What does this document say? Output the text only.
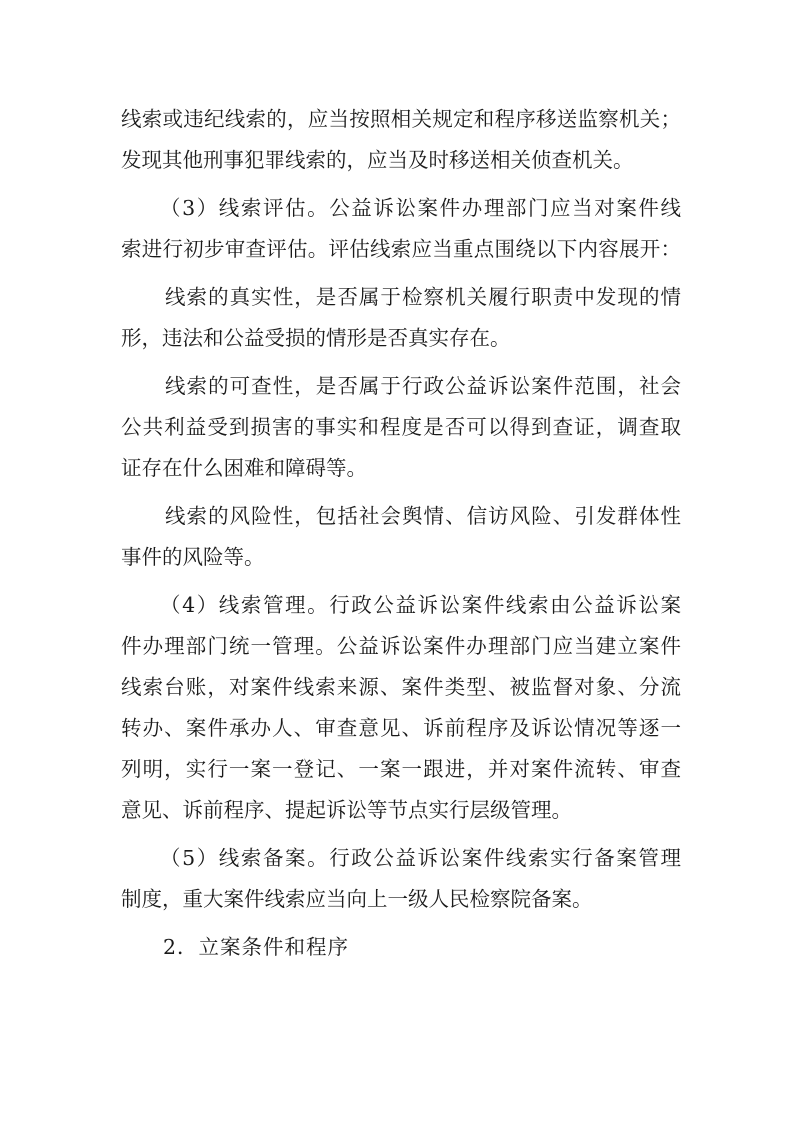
线索或违纪线索的，应当按照相关规定和程序移送监察机关；
发现其他刑事犯罪线索的，应当及时移送相关侦查机关。
（3）线索评估。公益诉讼案件办理部门应当对案件线
索进行初步审查评估。评估线索应当重点围绕以下内容展开：
线索的真实性，是否属于检察机关履行职责中发现的情
形，违法和公益受损的情形是否真实存在。
线索的可查性，是否属于行政公益诉讼案件范围，社会
公共利益受到损害的事实和程度是否可以得到查证，调查取
证存在什么困难和障碍等。
线索的风险性，包括社会舆情、信访风险、引发群体性
事件的风险等。
（4）线索管理。行政公益诉讼案件线索由公益诉讼案
件办理部门统一管理。公益诉讼案件办理部门应当建立案件
线索台账，对案件线索来源、案件类型、被监督对象、分流
转办、案件承办人、审查意见、诉前程序及诉讼情况等逐一
列明，实行一案一登记、一案一跟进，并对案件流转、审查
意见、诉前程序、提起诉讼等节点实行层级管理。
（5）线索备案。行政公益诉讼案件线索实行备案管理
制度，重大案件线索应当向上一级人民检察院备案。
2．立案条件和程序
